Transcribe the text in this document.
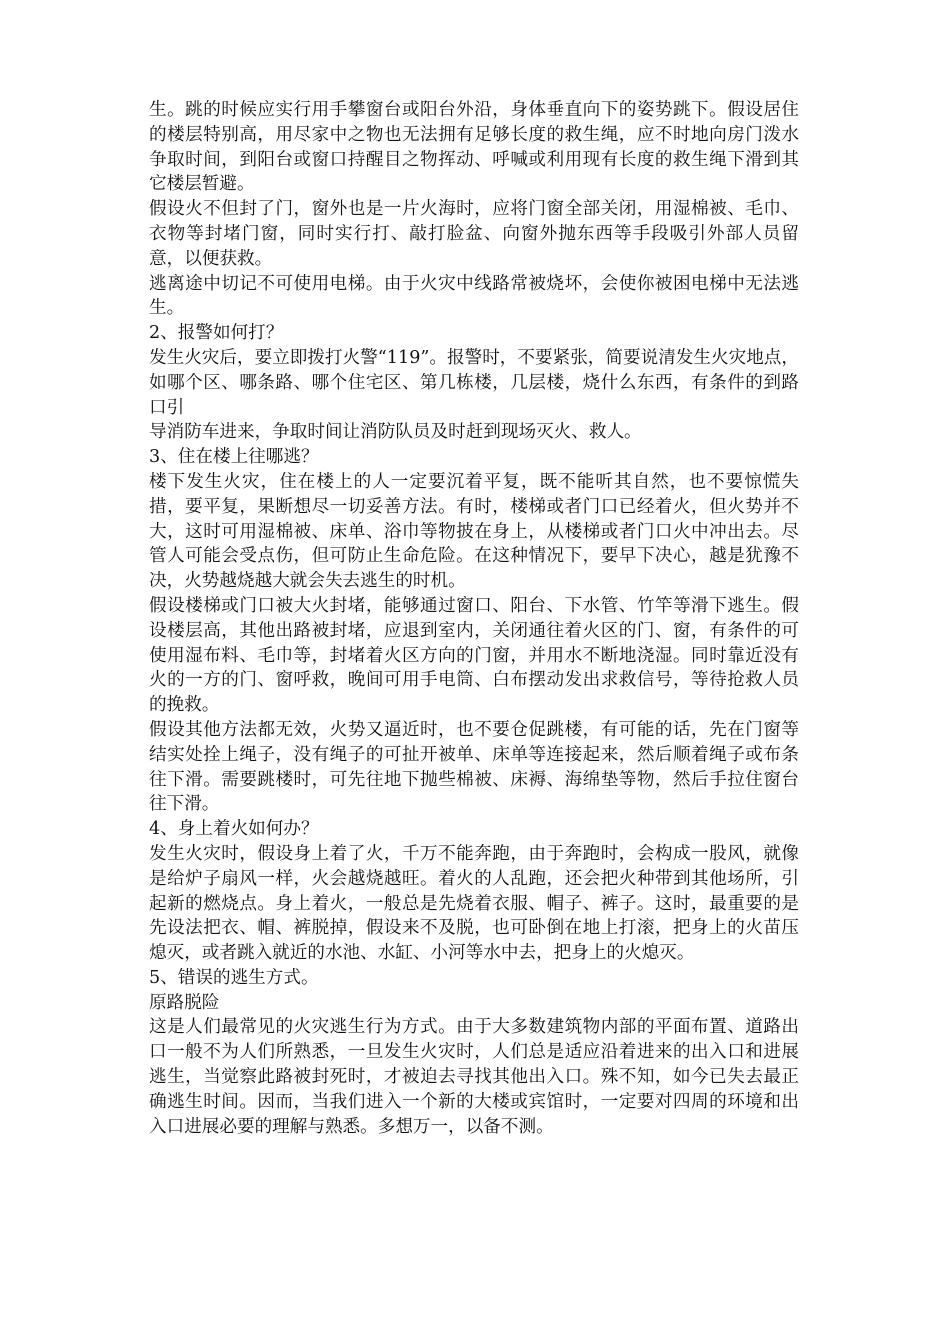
生。跳的时候应实行用手攀窗台或阳台外沿，身体垂直向下的姿势跳下。假设居住的楼层特别高，用尽家中之物也无法拥有足够长度的救生绳，应不时地向房门泼水争取时间，到阳台或窗口持醒目之物挥动、呼喊或利用现有长度的救生绳下滑到其它楼层暂避。

假设火不但封了门，窗外也是一片火海时，应将门窗全部关闭，用湿棉被、毛巾、衣物等封堵门窗，同时实行打、敲打脸盆、向窗外抛东西等手段吸引外部人员留意，以便获救。

逃离途中切记不可使用电梯。由于火灾中线路常被烧坏，会使你被困电梯中无法逃生。

2、报警如何打？

发生火灾后，要立即拨打火警“119”。报警时，不要紧张，简要说清发生火灾地点，如哪个区、哪条路、哪个住宅区、第几栋楼，几层楼，烧什么东西，有条件的到路口引

导消防车进来，争取时间让消防队员及时赶到现场灭火、救人。

3、住在楼上往哪逃？

楼下发生火灾，住在楼上的人一定要沉着平复，既不能听其自然，也不要惊慌失措，要平复，果断想尽一切妥善方法。有时，楼梯或者门口已经着火，但火势并不大，这时可用湿棉被、床单、浴巾等物披在身上，从楼梯或者门口火中冲出去。尽管人可能会受点伤，但可防止生命危险。在这种情况下，要早下决心，越是犹豫不决，火势越烧越大就会失去逃生的时机。

假设楼梯或门口被大火封堵，能够通过窗口、阳台、下水管、竹竿等滑下逃生。假设楼层高，其他出路被封堵，应退到室内，关闭通往着火区的门、窗，有条件的可使用湿布料、毛巾等，封堵着火区方向的门窗，并用水不断地浇湿。同时靠近没有火的一方的门、窗呼救，晚间可用手电筒、白布摆动发出求救信号，等待抢救人员的挽救。

假设其他方法都无效，火势又逼近时，也不要仓促跳楼，有可能的话，先在门窗等结实处拴上绳子，没有绳子的可扯开被单、床单等连接起来，然后顺着绳子或布条往下滑。需要跳楼时，可先往地下抛些棉被、床褥、海绵垫等物，然后手拉住窗台往下滑。

4、身上着火如何办？

发生火灾时，假设身上着了火，千万不能奔跑，由于奔跑时，会构成一股风，就像是给炉子扇风一样，火会越烧越旺。着火的人乱跑，还会把火种带到其他场所，引起新的燃烧点。身上着火，一般总是先烧着衣服、帽子、裤子。这时，最重要的是先设法把衣、帽、裤脱掉，假设来不及脱，也可卧倒在地上打滚，把身上的火苗压熄灭，或者跳入就近的水池、水缸、小河等水中去，把身上的火熄灭。

5、错误的逃生方式。

原路脱险

这是人们最常见的火灾逃生行为方式。由于大多数建筑物内部的平面布置、道路出口一般不为人们所熟悉，一旦发生火灾时，人们总是适应沿着进来的出入口和进展逃生，当觉察此路被封死时，才被迫去寻找其他出入口。殊不知，如今已失去最正确逃生时间。因而，当我们进入一个新的大楼或宾馆时，一定要对四周的环境和出入口进展必要的理解与熟悉。多想万一，以备不测。
